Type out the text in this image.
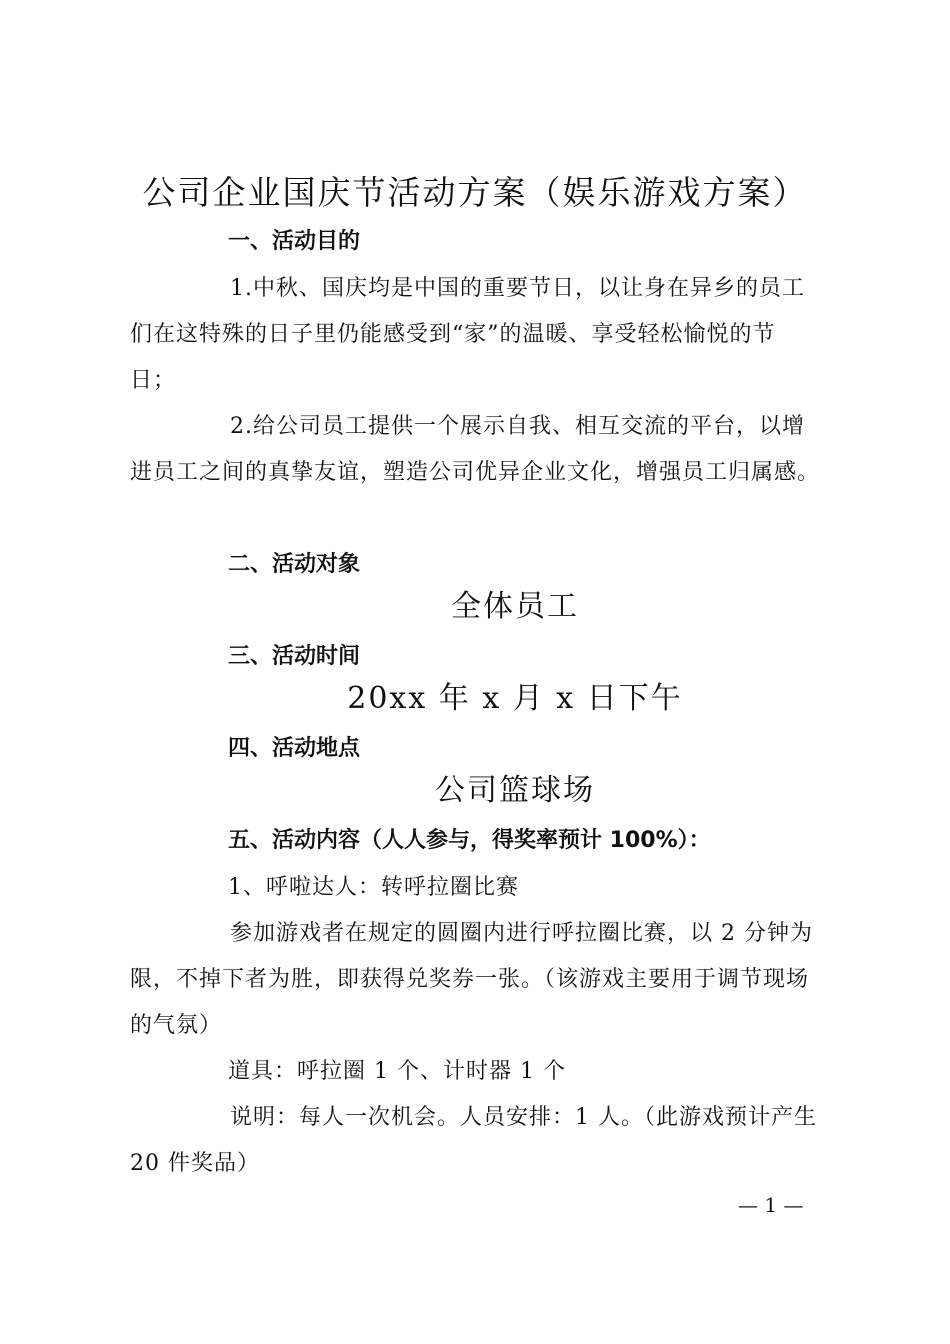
公司企业国庆节活动方案（娱乐游戏方案）
一、活动目的

1.中秋、国庆均是中国的重要节日，以让身在异乡的员工们在这特殊的日子里仍能感受到“家”的温暖、享受轻松愉悦的节日；

2.给公司员工提供一个展示自我、相互交流的平台，以增进员工之间的真挚友谊，塑造公司优异企业文化，增强员工归属感。

二、活动对象
全体员工
三、活动时间
20xx 年 x 月 x 日下午
四、活动地点
公司篮球场
五、活动内容（人人参与，得奖率预计 100%）：
1、呼啦达人：转呼拉圈比赛

参加游戏者在规定的圆圈内进行呼拉圈比赛，以 2 分钟为限，不掉下者为胜，即获得兑奖券一张。（该游戏主要用于调节现场的气氛）

道具：呼拉圈 1 个、计时器 1 个

说明：每人一次机会。人员安排：1 人。（此游戏预计产生 20 件奖品）

— 1 —
